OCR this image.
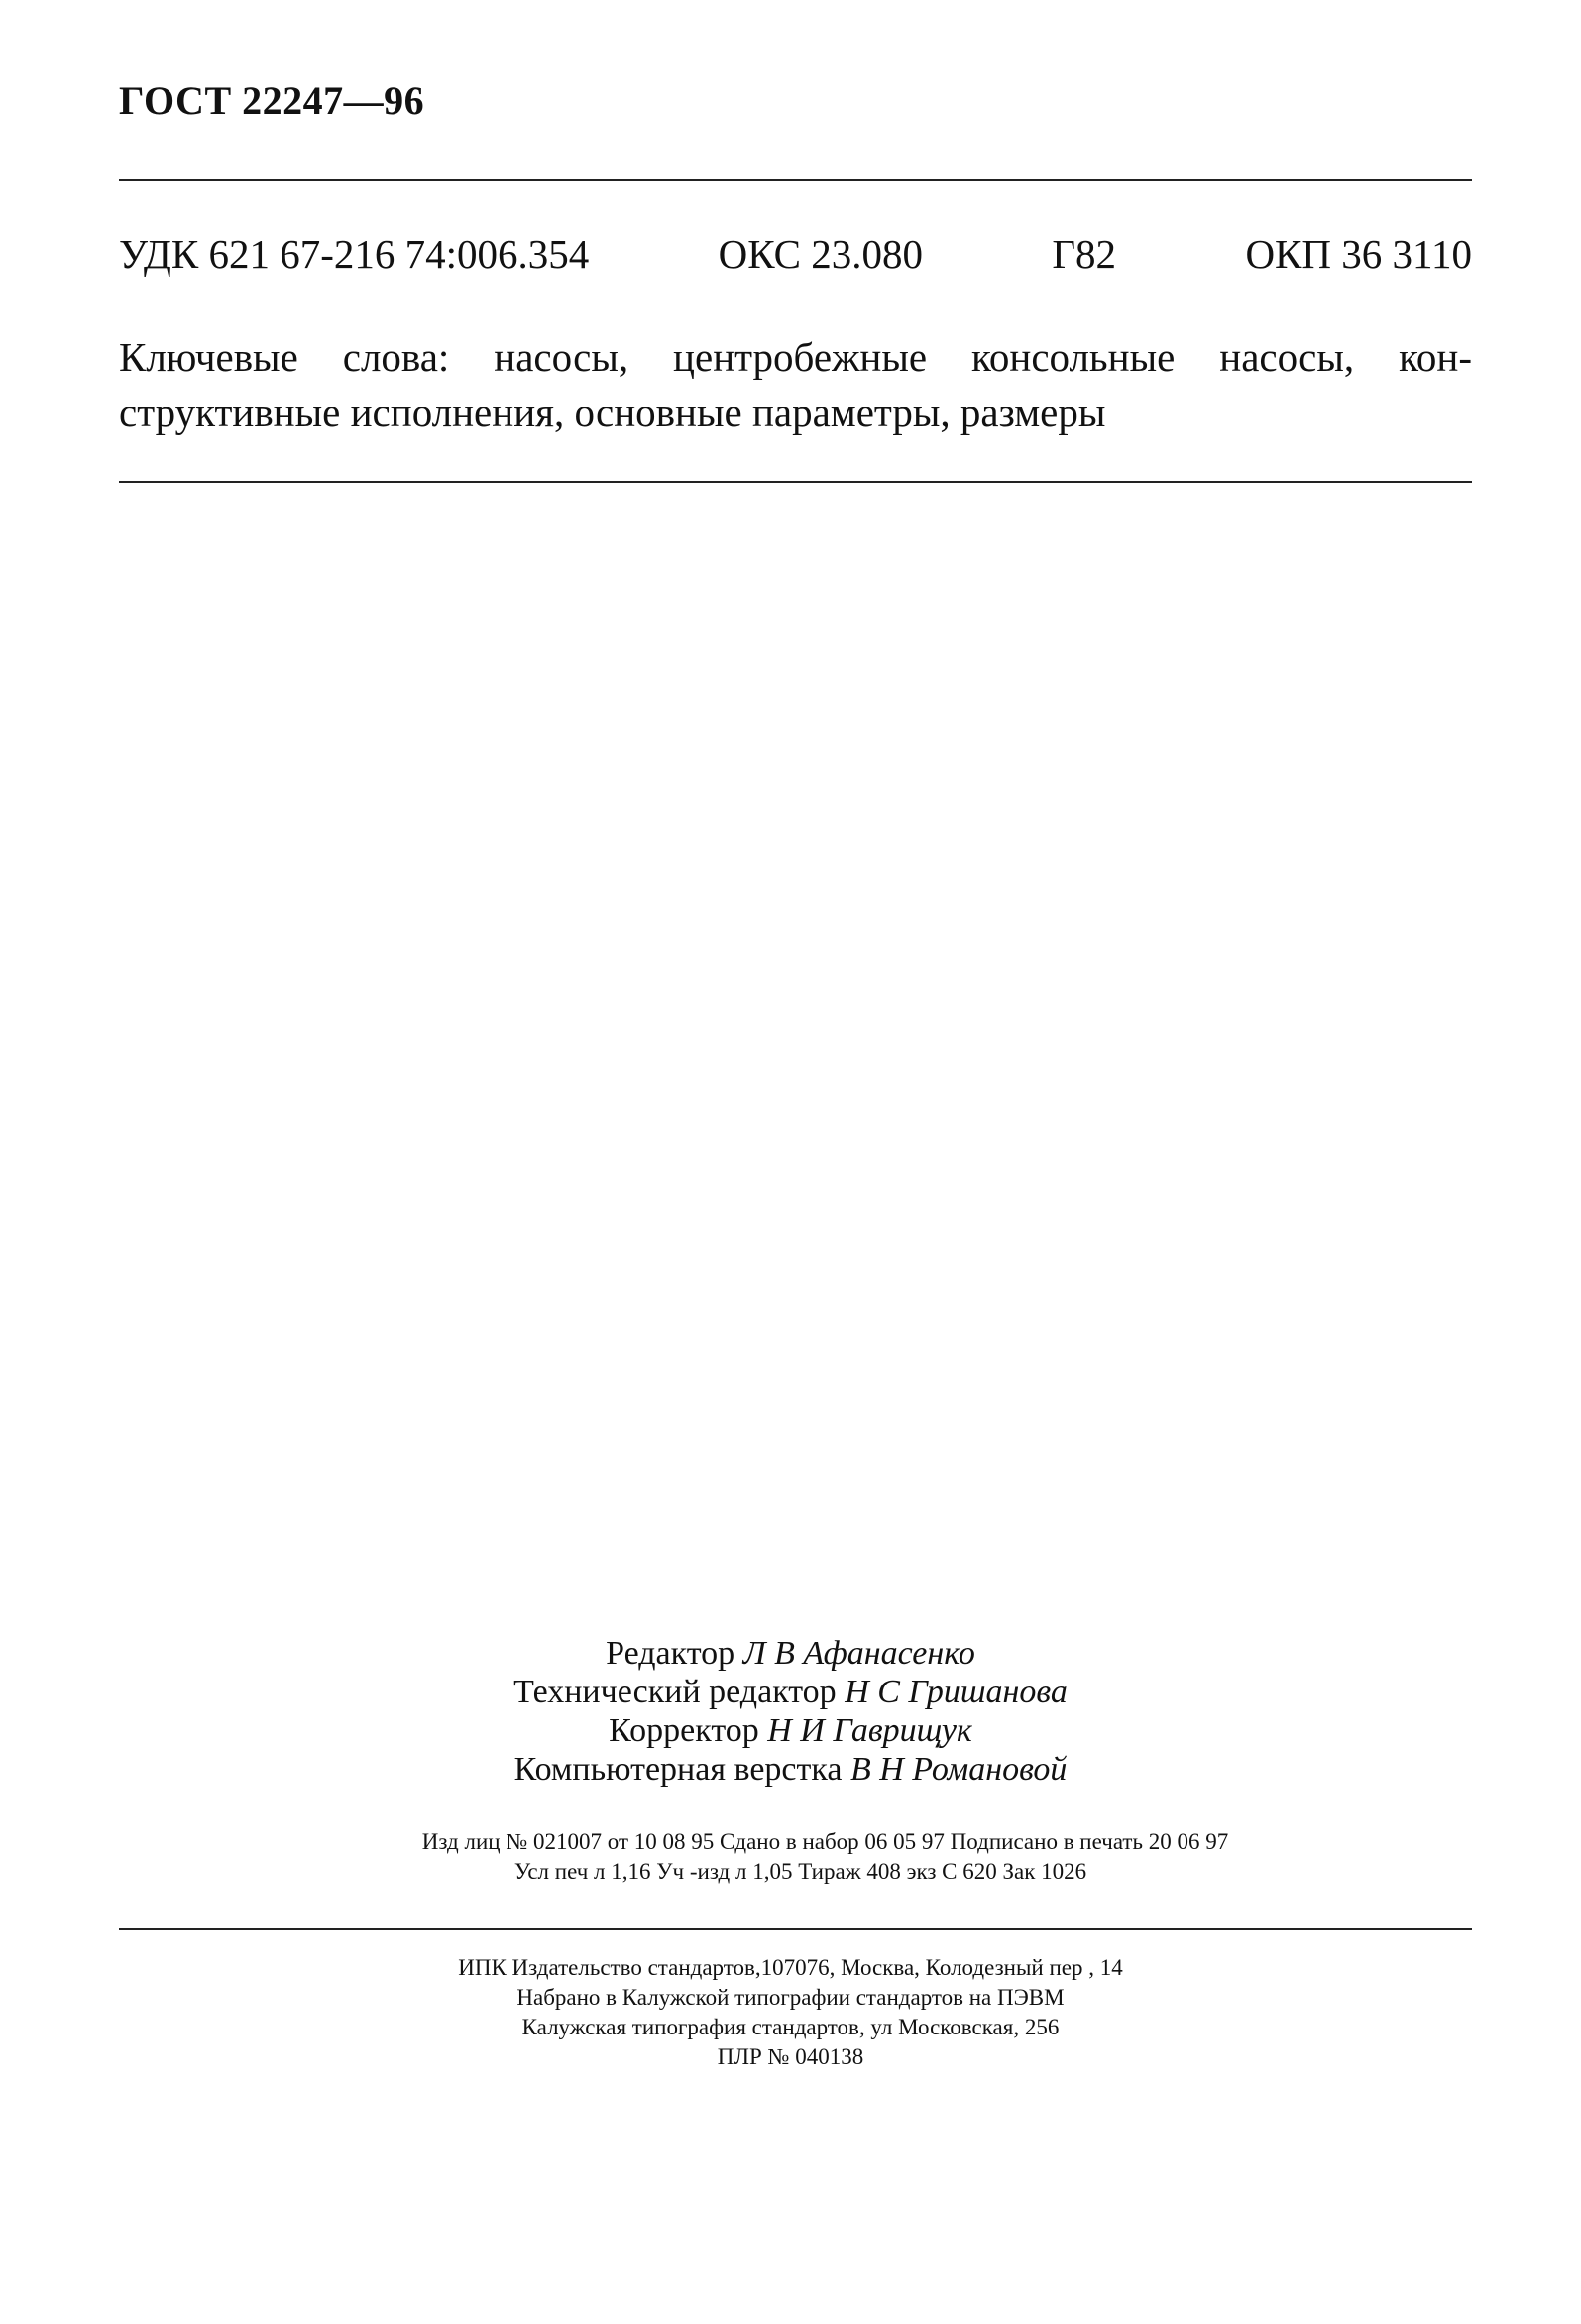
ГОСТ 22247—96
УДК 621 67-216 74:006.354	ОКС 23.080	Г82	ОКП 36 3110
Ключевые слова: насосы, центробежные консольные насосы, кон-
структивные исполнения, основные параметры, размеры
Редактор Л В Афанасенко
Технический редактор Н С Гришанова
Корректор Н И Гаврищук
Компьютерная верстка В Н Романовой
Изд лиц № 021007 от 10 08 95 Сдано в набор 06 05 97 Подписано в печать 20 06 97
Усл печ л 1,16 Уч -изд л 1,05 Тираж 408 экз С 620 Зак 1026
ИПК Издательство стандартов,107076, Москва, Колодезный пер , 14
Набрано в Калужской типографии стандартов на ПЭВМ
Калужская типография стандартов, ул Московская, 256
ПЛР № 040138
